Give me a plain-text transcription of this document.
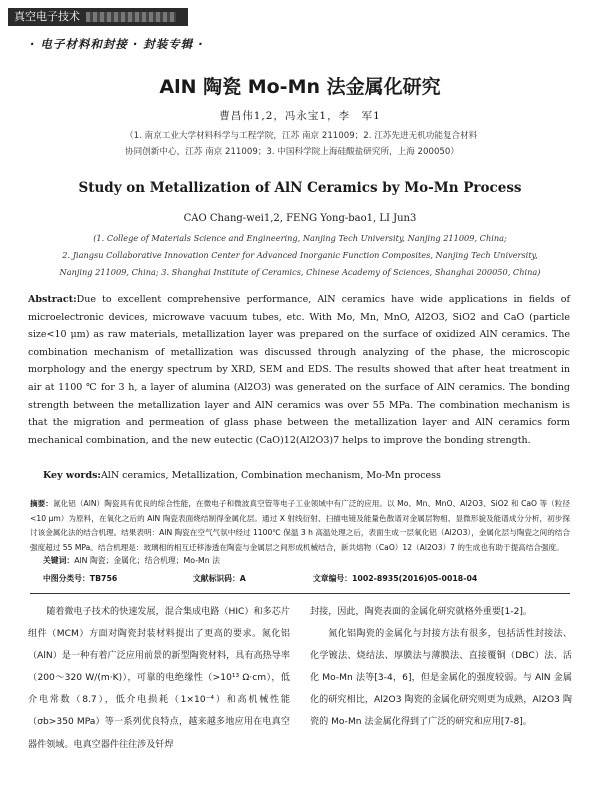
真空电子技术
· 电子材料和封接 · 封装专辑 ·
AlN 陶瓷 Mo-Mn 法金属化研究
曹昌伟1,2，冯永宝1，李　军1
（1. 南京工业大学材料科学与工程学院，江苏 南京 211009；2. 江苏先进无机功能复合材料
协同创新中心，江苏 南京 211009；3. 中国科学院上海硅酸盐研究所，上海 200050）
Study on Metallization of AlN Ceramics by Mo-Mn Process
CAO Chang-wei1,2, FENG Yong-bao1, LI Jun3
(1. College of Materials Science and Engineering, Nanjing Tech University, Nanjing 211009, China;
2. Jiangsu Collaborative Innovation Center for Advanced Inorganic Function Composites, Nanjing Tech University,
Nanjing 211009, China; 3. Shanghai Institute of Ceramics, Chinese Academy of Sciences, Shanghai 200050, China)
Abstract:Due to excellent comprehensive performance, AlN ceramics have wide applications in fields of microelectronic devices, microwave vacuum tubes, etc. With Mo, Mn, MnO, Al2O3, SiO2 and CaO (particle size<10 μm) as raw materials, metallization layer was prepared on the surface of oxidized AlN ceramics. The combination mechanism of metallization was discussed through analyzing of the phase, the microscopic morphology and the energy spectrum by XRD, SEM and EDS. The results showed that after heat treatment in air at 1100 ℃ for 3 h, a layer of alumina (Al2O3) was generated on the surface of AlN ceramics. The bonding strength between the metallization layer and AlN ceramics was over 55 MPa. The combination mechanism is that the migration and permeation of glass phase between the metallization layer and AlN ceramics form mechanical combination, and the new eutectic (CaO)12(Al2O3)7 helps to improve the bonding strength.
Key words:AlN ceramics, Metallization, Combination mechanism, Mo-Mn process
摘要：氮化铝（AlN）陶瓷具有优良的综合性能，在微电子和微波真空管等电子工业领域中有广泛的应用。以 Mo、Mn、MnO、Al2O3、SiO2 和 CaO 等（粒径<10 μm）为原料，在氧化之后的 AlN 陶瓷表面烧结制得金属化层。通过 X 射线衍射、扫描电镜及能量色散谱对金属层物相、显微形貌及能谱成分分析，初步探讨该金属化法的结合机理。结果表明：AlN 陶瓷在空气气氛中经过 1100℃ 保温 3 h 高温处理之后，表面生成一层氧化铝（Al2O3），金属化层与陶瓷之间的结合强度超过 55 MPa。结合机理是：玻璃相的相互迁移渗透在陶瓷与金属层之间形成机械结合，新共熔物（CaO）12（Al2O3）7 的生成也有助于提高结合强度。
关键词：AlN 陶瓷；金属化；结合机理；Mo-Mn 法
中图分类号：TB756	文献标识码：A	文章编号：1002-8935(2016)05-0018-04

随着微电子技术的快速发展，混合集成电路（HIC）和多芯片组件（MCM）方面对陶瓷封装材料提出了更高的要求。氮化铝（AlN）是一种有着广泛应用前景的新型陶瓷材料，具有高热导率（200～320 W/(m·K)），可靠的电绝缘性（>10¹³ Ω·cm），低介电常数（8.7），低介电损耗（1×10⁻⁴）和高机械性能（σb>350 MPa）等一系列优良特点，越来越多地应用在电真空器件领域。电真空器件往往涉及钎焊

封接，因此，陶瓷表面的金属化研究就格外重要[1-2]。

氮化铝陶瓷的金属化与封接方法有很多，包括活性封接法、化学镀法、烧结法、厚膜法与薄膜法、直接覆铜（DBC）法、活化 Mo-Mn 法等[3-4，6]，但是金属化的强度较弱。与 AlN 金属化的研究相比，Al2O3 陶瓷的金属化研究则更为成熟，Al2O3 陶瓷的 Mo-Mn 法金属化得到了广泛的研究和应用[7-8]。
